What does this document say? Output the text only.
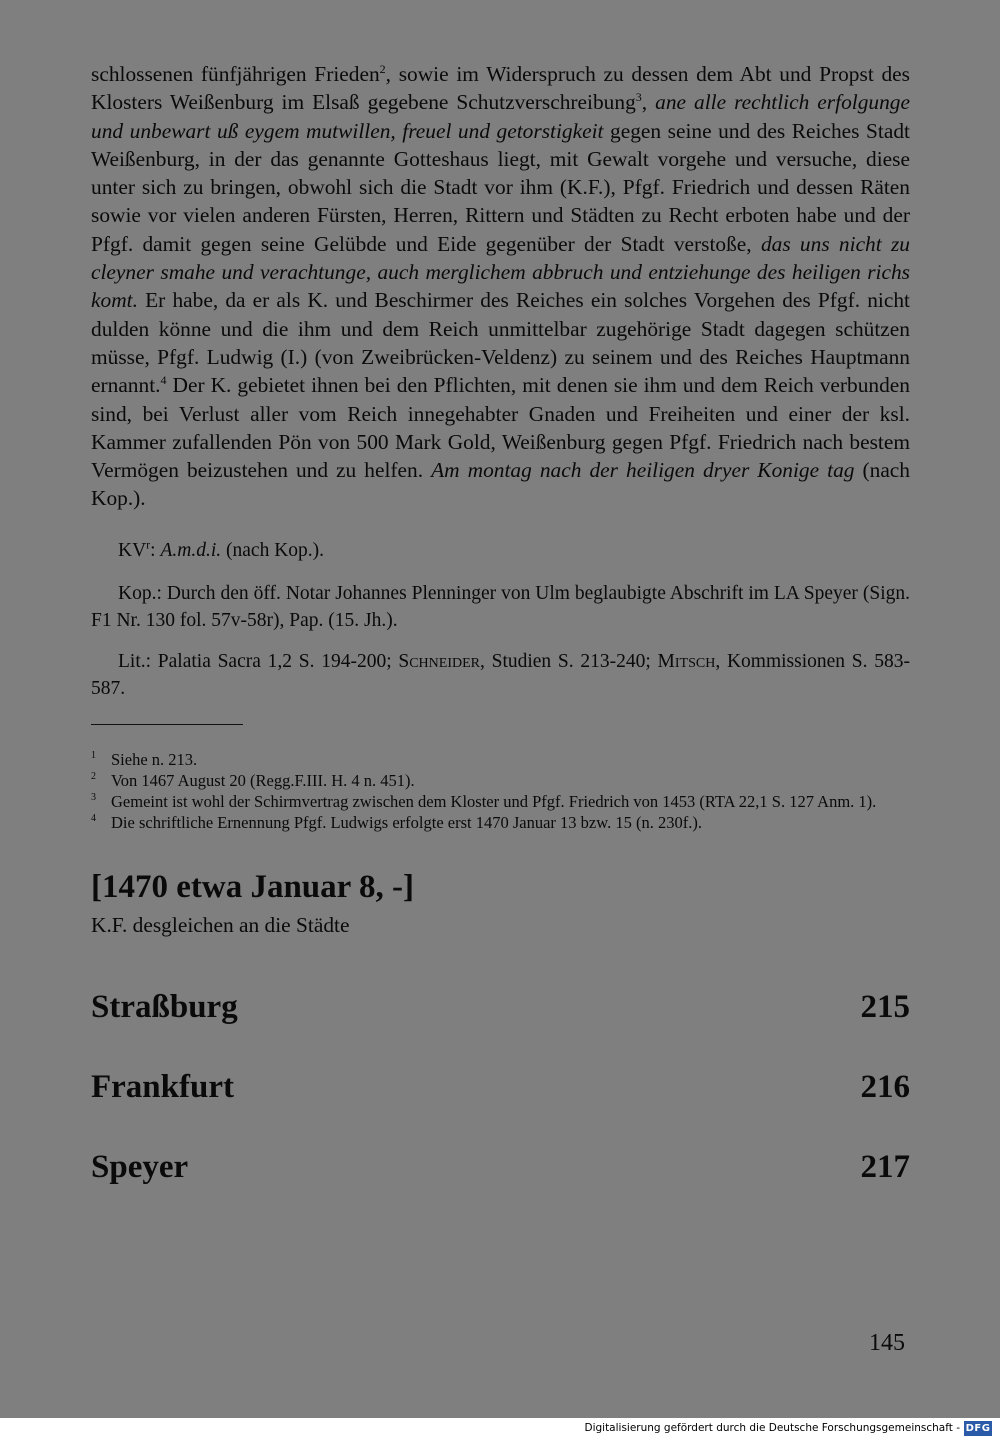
schlossenen fünfjährigen Frieden$^2$, sowie im Widerspruch zu dessen dem Abt und Propst des Klosters Weißenburg im Elsaß gegebene Schutzverschreibung$^3$, ane alle rechtlich erfolgunge und unbewart uß eygem mutwillen, freuel und getorstigkeit gegen seine und des Reiches Stadt Weißenburg, in der das genannte Gotteshaus liegt, mit Gewalt vorgehe und versuche, diese unter sich zu bringen, obwohl sich die Stadt vor ihm (K.F.), Pfgf. Friedrich und dessen Räten sowie vor vielen anderen Fürsten, Herren, Rittern und Städten zu Recht erboten habe und der Pfgf. damit gegen seine Gelübde und Eide gegenüber der Stadt verstoße, das uns nicht zu cleyner smahe und verachtunge, auch merglichem abbruch und entziehunge des heiligen richs komt. Er habe, da er als K. und Beschirmer des Reiches ein solches Vorgehen des Pfgf. nicht dulden könne und die ihm und dem Reich unmittelbar zugehörige Stadt dagegen schützen müsse, Pfgf. Ludwig (I.) (von Zweibrücken-Veldenz) zu seinem und des Reiches Hauptmann ernannt.$^4$ Der K. gebietet ihnen bei den Pflichten, mit denen sie ihm und dem Reich verbunden sind, bei Verlust aller vom Reich innegehabter Gnaden und Freiheiten und einer der ksl. Kammer zufallenden Pön von 500 Mark Gold, Weißenburg gegen Pfgf. Friedrich nach bestem Vermögen beizustehen und zu helfen. Am montag nach der heiligen dryer Konige tag (nach Kop.).

$KV^r$: A.m.d.i. (nach Kop.).

Kop.: Durch den öff. Notar Johannes Plenninger von Ulm beglaubigte Abschrift im LA Speyer (Sign. F1 Nr. 130 fol. 57v-58r), Pap. (15. Jh.).

Lit.: Palatia Sacra 1,2 S. 194-200; Schneider, Studien S. 213-240; Mitsch, Kommissionen S. 583-587.

1 Siehe n. 213.
2 Von 1467 August 20 (Regg.F.III. H. 4 n. 451).
3 Gemeint ist wohl der Schirmvertrag zwischen dem Kloster und Pfgf. Friedrich von 1453 (RTA 22,1 S. 127 Anm. 1).
4 Die schriftliche Ernennung Pfgf. Ludwigs erfolgte erst 1470 Januar 13 bzw. 15 (n. 230f.).
[1470 etwa Januar 8, -]
K.F. desgleichen an die Städte
Straßburg	215
Frankfurt	216
Speyer	217
145
Digitalisierung gefördert durch die Deutsche Forschungsgemeinschaft - DFG
